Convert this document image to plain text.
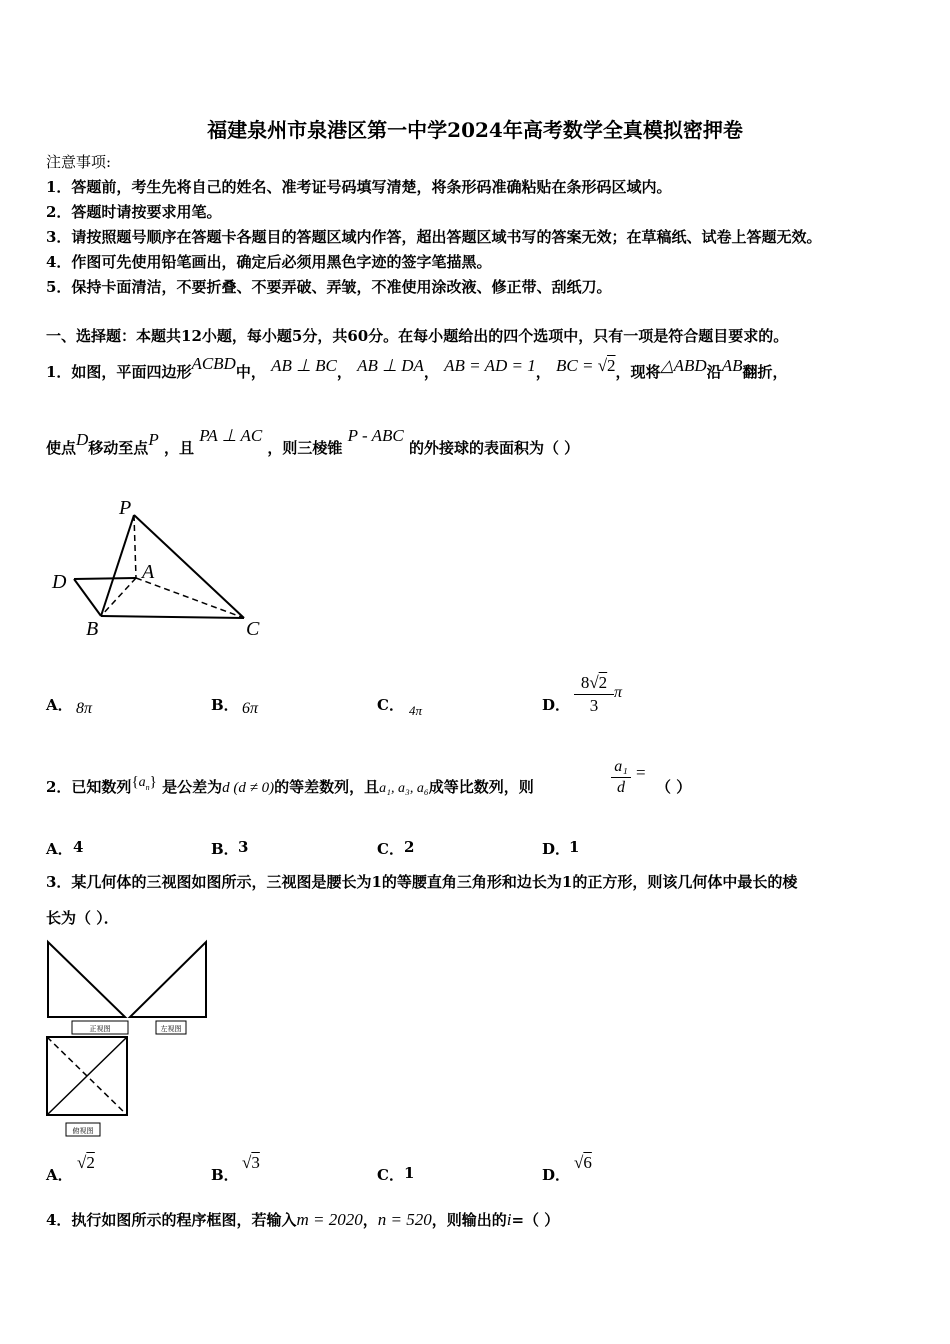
福建泉州市泉港区第一中学2024年高考数学全真模拟密押卷
注意事项:
1．答题前，考生先将自己的姓名、准考证号码填写清楚，将条形码准确粘贴在条形码区域内。
2．答题时请按要求用笔。
3．请按照题号顺序在答题卡各题目的答题区域内作答，超出答题区域书写的答案无效；在草稿纸、试卷上答题无效。
4．作图可先使用铅笔画出，确定后必须用黑色字迹的签字笔描黑。
5．保持卡面清洁，不要折叠、不要弄破、弄皱，不准使用涂改液、修正带、刮纸刀。
一、选择题：本题共12小题，每小题5分，共60分。在每小题给出的四个选项中，只有一项是符合题目要求的。
1．如图，平面四边形ACBD中， AB ⊥ BC， AB ⊥ DA， AB = AD = 1， BC = √2，现将△ABD沿AB翻折，
使点D移动至点P ，且 PA ⊥ AC ，则三棱锥 P - ABC 的外接球的表面积为（ ）
P
A
D
B	C
A． 8π	B． 6π	C． 4π	D．
8√2
3
π
2．已知数列$\{a_n\}$ 是公差为d (d ≠ 0)的等差数列，且a₁, a₃, a₆成等比数列，则
a₁
d
=
（ ）
A． 4	B． 3	C． 2	D．
1
3．某几何体的三视图如图所示，三视图是腰长为1的等腰直角三角形和边长为1的正方形，则该几何体中最长的棱
长为（ ）．
正视图	左视图
俯视图
A．
√2
B．
√3
C． 1	D．
√6
4．执行如图所示的程序框图，若输入m = 2020，n = 520，则输出的i=（ ）
